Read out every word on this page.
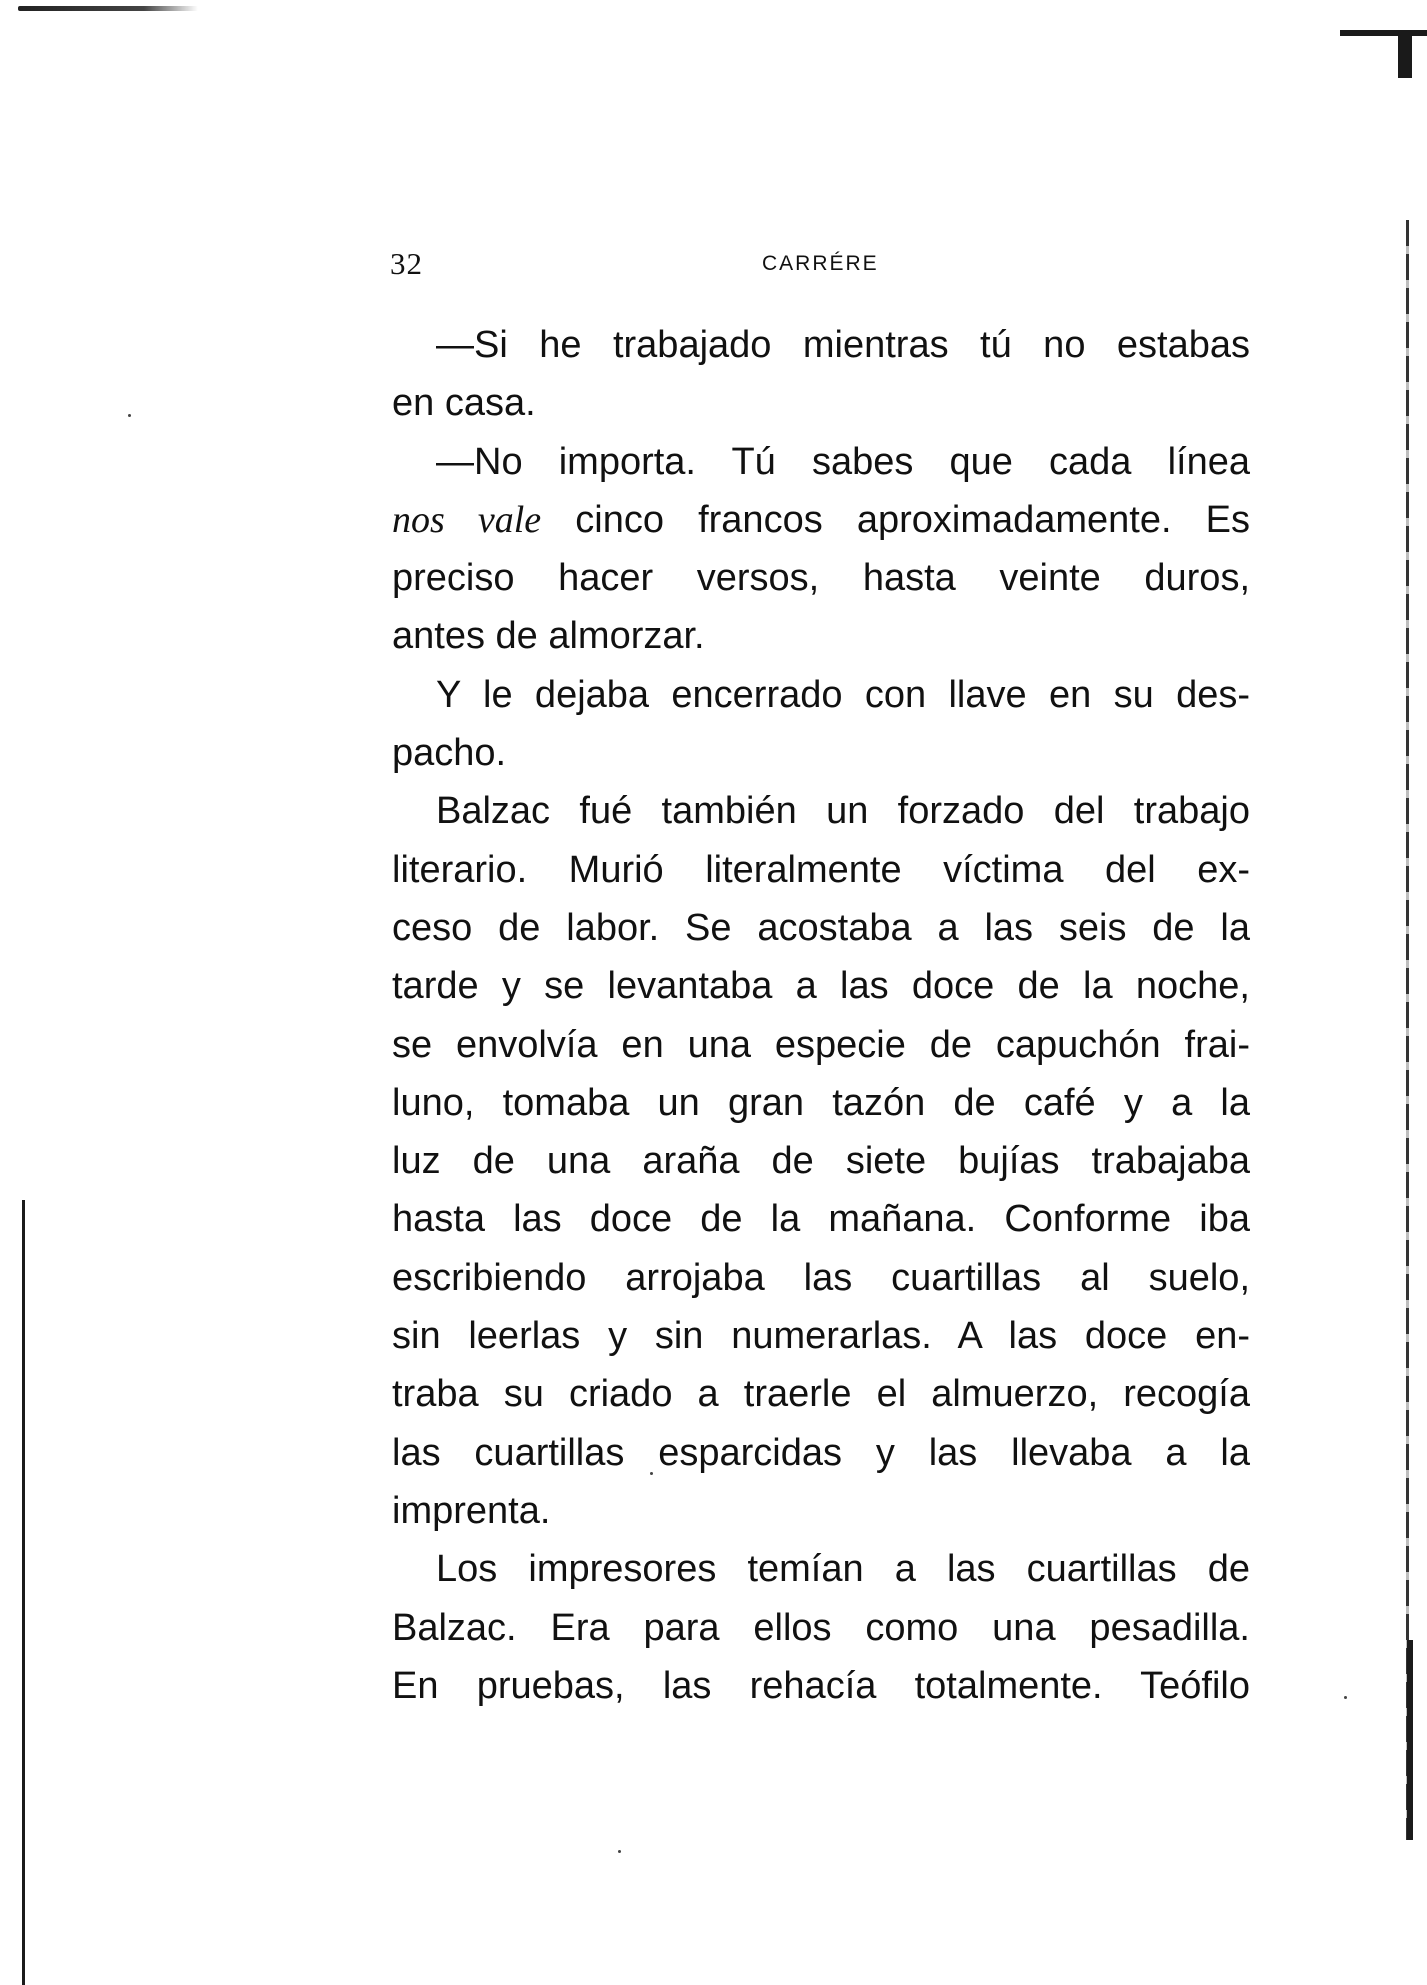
32	CARRÉRE
—Si he trabajado mientras tú no estabas
en casa.
—No importa. Tú sabes que cada línea
nos vale cinco francos aproximadamente. Es
preciso hacer versos, hasta veinte duros,
antes de almorzar.
Y le dejaba encerrado con llave en su des-
pacho.
Balzac fué también un forzado del trabajo
literario. Murió literalmente víctima del ex-
ceso de labor. Se acostaba a las seis de la
tarde y se levantaba a las doce de la noche,
se envolvía en una especie de capuchón frai-
luno, tomaba un gran tazón de café y a la
luz de una araña de siete bujías trabajaba
hasta las doce de la mañana. Conforme iba
escribiendo arrojaba las cuartillas al suelo,
sin leerlas y sin numerarlas. A las doce en-
traba su criado a traerle el almuerzo, recogía
las cuartillas esparcidas y las llevaba a la
imprenta.
Los impresores temían a las cuartillas de
Balzac. Era para ellos como una pesadilla.
En pruebas, las rehacía totalmente. Teófilo
